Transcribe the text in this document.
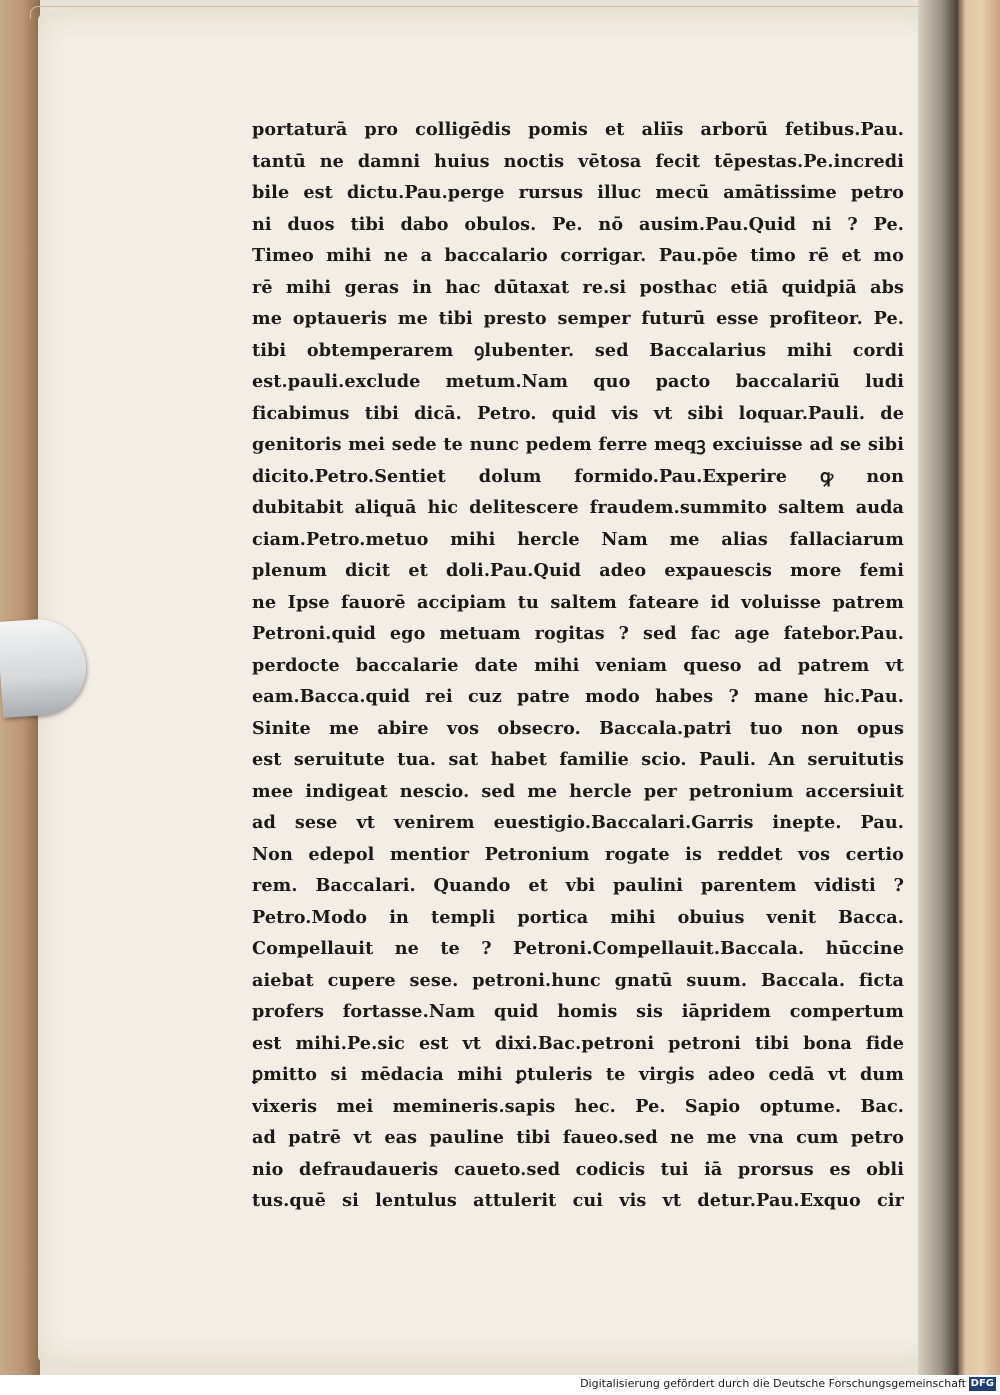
portaturā pro colligēdis pomis et aliīs arborū fetibus.Pau.
tantū ne damni huius noctis vētosa fecit tēpestas.Pe.incredi
bile est dictu.Pau.perge rursus illuc mecū amātissime petro
ni duos tibi dabo obulos. Pe. nō ausim.Pau.Quid ni ? Pe.
Timeo mihi ne a baccalario corrigar. Pau.pōe timo rē et mo
rē mihi geras in hac dūtaxat re.si posthac etiā quidpiā abs
me optaueris me tibi presto semper futurū esse profiteor. Pe.
tibi obtemperarem ꝯlubenter. sed Baccalarius mihi cordi
est.pauli.exclude metum.Nam quo pacto baccalariū ludi
ficabimus tibi dicā. Petro. quid vis vt sibi loquar.Pauli. de
genitoris mei sede te nunc pedem ferre meqꝫ exciuisse ad se sibi
dicito.Petro.Sentiet dolum formido.Pau.Experire ꝙ non
dubitabit aliquā hic delitescere fraudem.summito saltem auda
ciam.Petro.metuo mihi hercle Nam me alias fallaciarum
plenum dicit et doli.Pau.Quid adeo expauescis more femi
ne Ipse fauorē accipiam tu saltem fateare id voluisse patrem
Petroni.quid ego metuam rogitas ? sed fac age fatebor.Pau.
perdocte baccalarie date mihi veniam queso ad patrem vt
eam.Bacca.quid rei cuz patre modo habes ? mane hic.Pau.
Sinite me abire vos obsecro. Baccala.patri tuo non opus
est seruitute tua. sat habet familie scio. Pauli. An seruitutis
mee indigeat nescio. sed me hercle per petronium accersiuit
ad sese vt venirem euestigio.Baccalari.Garris inepte. Pau.
Non edepol mentior Petronium rogate is reddet vos certio
rem. Baccalari. Quando et vbi paulini parentem vidisti ?
Petro.Modo in templi portica mihi obuius venit Bacca.
Compellauit ne te ? Petroni.Compellauit.Baccala. hūccine
aiebat cupere sese. petroni.hunc gnatū suum. Baccala. ficta
profers fortasse.Nam quid homis sis iāpridem compertum
est mihi.Pe.sic est vt dixi.Bac.petroni petroni tibi bona fide
ꝑmitto si mēdacia mihi ꝑtuleris te virgis adeo cedā vt dum
vixeris mei memineris.sapis hec. Pe. Sapio optume. Bac.
ad patrē vt eas pauline tibi faueo.sed ne me vna cum petro
nio defraudaueris caueto.sed codicis tui iā prorsus es obli
tus.quē si lentulus attulerit cui vis vt detur.Pau.Exquo cir
Digitalisierung gefördert durch die Deutsche Forschungsgemeinschaft DFG
